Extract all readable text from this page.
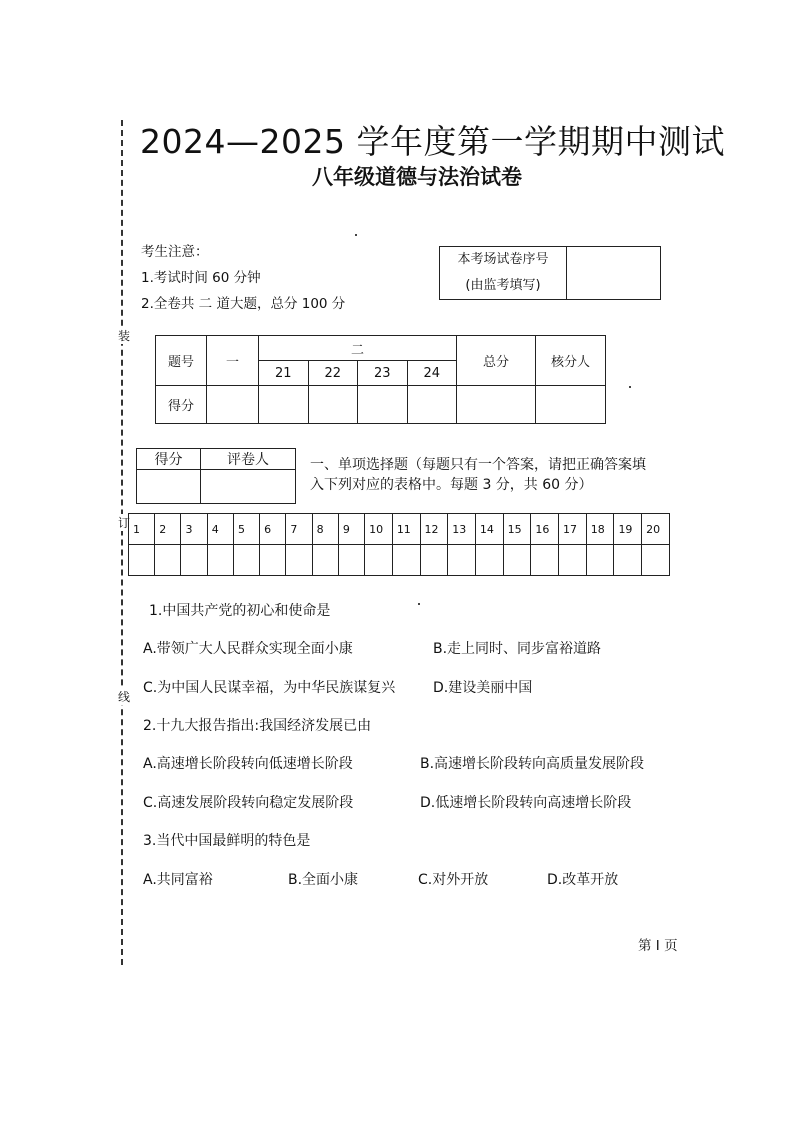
装
订
线
2024—2025 学年度第一学期期中测试
八年级道德与法治试卷
考生注意：
1.考试时间 60 分钟
2.全卷共 二 道大题，总分 100 分
本考场试卷序号
(由监考填写)

题号	一	二				总分	核分人
		21	22	23	24		
得分							
得分	评卷人
		一、单项选择题（每题只有一个答案，请把正确答案填
入下列对应的表格中。每题 3 分，共 60 分）
1	2	3	4	5	6	7	8	9	10	11	12	13	14	15	16	17	18	19	20

1.中国共产党的初心和使命是
A.带领广大人民群众实现全面小康	B.走上同时、同步富裕道路
C.为中国人民谋幸福，为中华民族谋复兴	D.建设美丽中国
2.十九大报告指出:我国经济发展已由
A.高速增长阶段转向低速增长阶段	B.高速增长阶段转向高质量发展阶段
C.高速发展阶段转向稳定发展阶段	D.低速增长阶段转向高速增长阶段
3.当代中国最鲜明的特色是
A.共同富裕	B.全面小康	C.对外开放	D.改革开放
第 I 页
